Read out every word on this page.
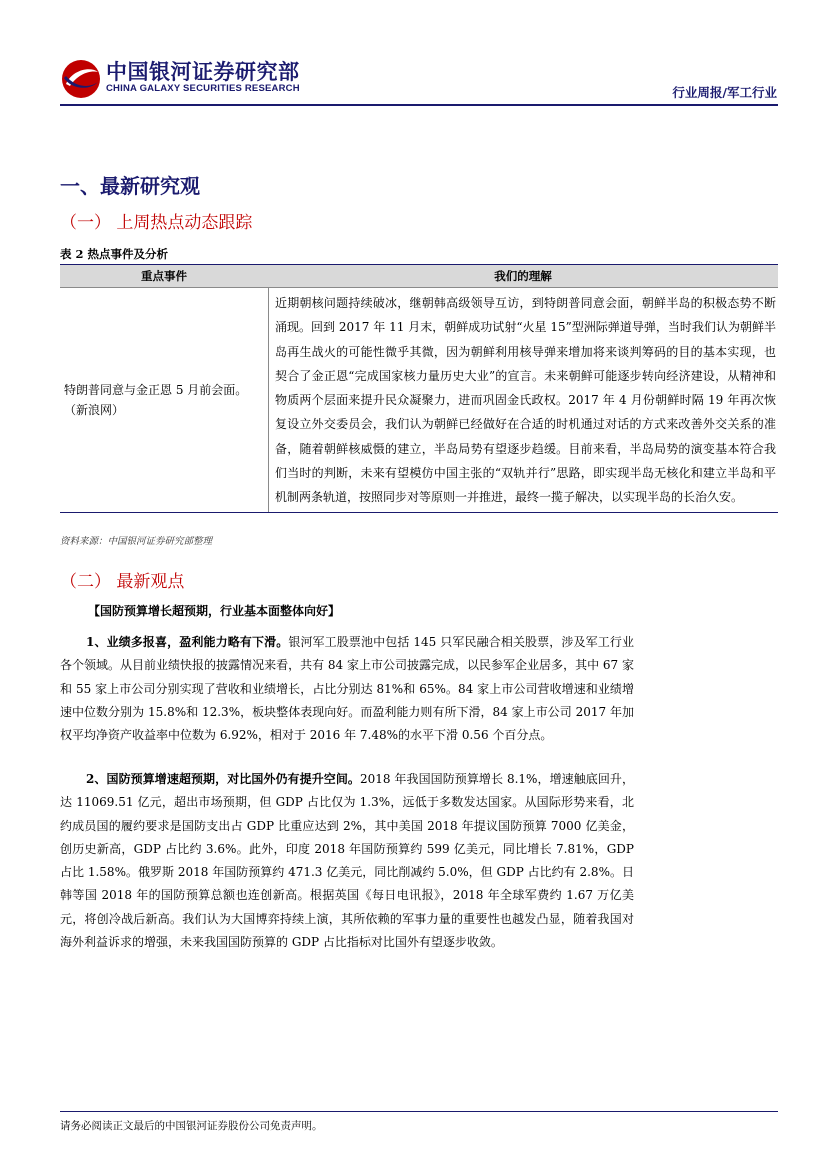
中国银河证券研究部
CHINA GALAXY SECURITIES RESEARCH	行业周报/军工行业
一、最新研究观
（一） 上周热点动态跟踪
表 2 热点事件及分析
重点事件	我们的理解
特朗普同意与金正恩 5 月前会面。
（新浪网）
近期朝核问题持续破冰，继朝韩高级领导互访，到特朗普同意会面，朝鲜半岛的积极态势不断涌现。回到 2017 年 11 月末，朝鲜成功试射“火星 15”型洲际弹道导弹，当时我们认为朝鲜半岛再生战火的可能性微乎其微，因为朝鲜利用核导弹来增加将来谈判筹码的目的基本实现，也契合了金正恩“完成国家核力量历史大业”的宣言。未来朝鲜可能逐步转向经济建设，从精神和物质两个层面来提升民众凝聚力，进而巩固金氏政权。2017 年 4 月份朝鲜时隔 19 年再次恢复设立外交委员会，我们认为朝鲜已经做好在合适的时机通过对话的方式来改善外交关系的准备，随着朝鲜核威慑的建立，半岛局势有望逐步趋缓。目前来看，半岛局势的演变基本符合我们当时的判断，未来有望模仿中国主张的“双轨并行”思路，即实现半岛无核化和建立半岛和平机制两条轨道，按照同步对等原则一并推进，最终一揽子解决，以实现半岛的长治久安。
资料来源：中国银河证券研究部整理
（二） 最新观点
【国防预算增长超预期，行业基本面整体向好】
1、业绩多报喜，盈利能力略有下滑。银河军工股票池中包括 145 只军民融合相关股票，涉及军工行业各个领域。从目前业绩快报的披露情况来看，共有 84 家上市公司披露完成，以民参军企业居多，其中 67 家和 55 家上市公司分别实现了营收和业绩增长，占比分别达 81%和 65%。84 家上市公司营收增速和业绩增速中位数分别为 15.8%和 12.3%，板块整体表现向好。而盈利能力则有所下滑，84 家上市公司 2017 年加权平均净资产收益率中位数为 6.92%，相对于 2016 年 7.48%的水平下滑 0.56 个百分点。
2、国防预算增速超预期，对比国外仍有提升空间。2018 年我国国防预算增长 8.1%，增速触底回升，达 11069.51 亿元，超出市场预期，但 GDP 占比仅为 1.3%，远低于多数发达国家。从国际形势来看，北约成员国的履约要求是国防支出占 GDP 比重应达到 2%，其中美国 2018 年提议国防预算 7000 亿美金，创历史新高，GDP 占比约 3.6%。此外，印度 2018 年国防预算约 599 亿美元，同比增长 7.81%，GDP 占比 1.58%。俄罗斯 2018 年国防预算约 471.3 亿美元，同比削减约 5.0%，但 GDP 占比约有 2.8%。日韩等国 2018 年的国防预算总额也连创新高。根据英国《每日电讯报》，2018 年全球军费约 1.67 万亿美元，将创冷战后新高。我们认为大国博弈持续上演，其所依赖的军事力量的重要性也越发凸显，随着我国对海外利益诉求的增强，未来我国国防预算的 GDP 占比指标对比国外有望逐步收敛。
请务必阅读正文最后的中国银河证券股份公司免责声明。
